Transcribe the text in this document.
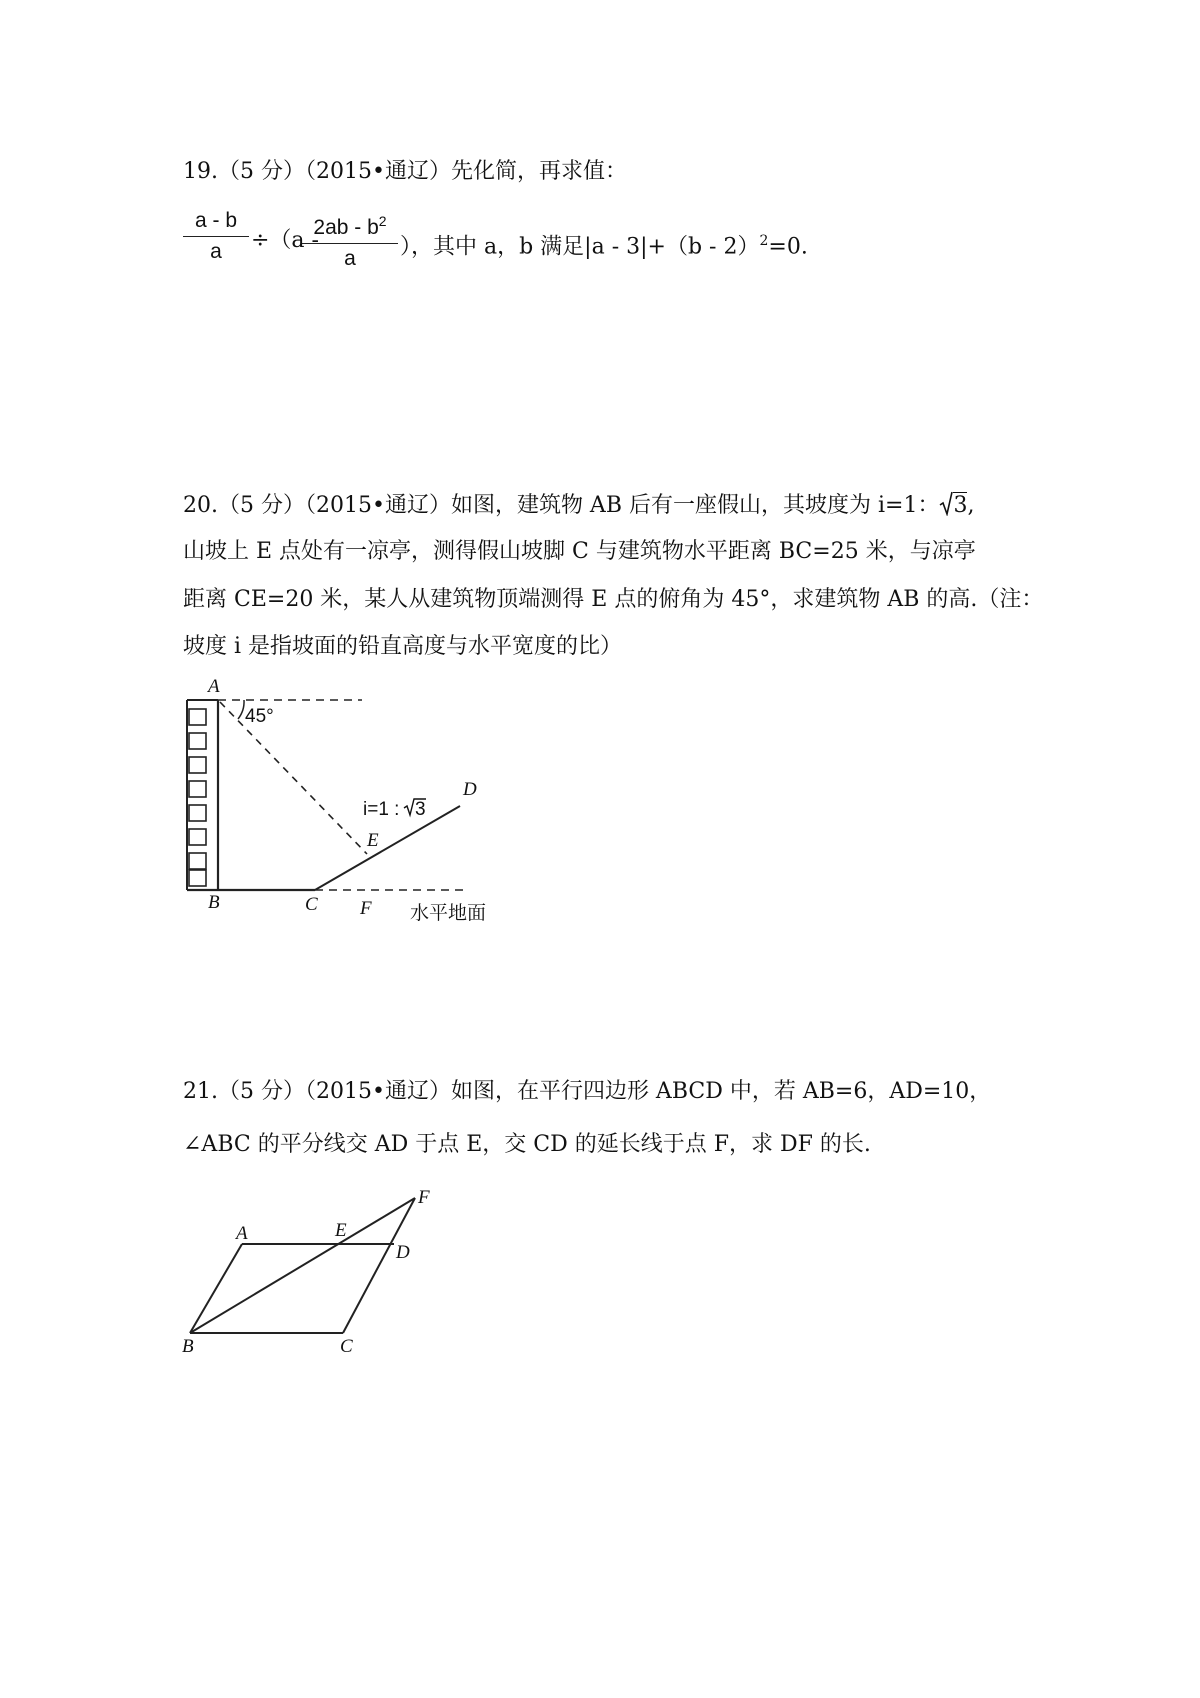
19.（5 分）（2015•通辽）先化简，再求值：
a - b
a	÷（a -
$2ab - b^2$
a	），其中 a，b 满足|a - 3|+（b - 2）$^2$=0.
20.（5 分）（2015•通辽）如图，建筑物 AB 后有一座假山，其坡度为 i=1： 3,
山坡上 E 点处有一凉亭，测得假山坡脚 C 与建筑物水平距离 BC=25 米，与凉亭
距离 CE=20 米，某人从建筑物顶端测得 E 点的俯角为 45°，求建筑物 AB 的高.（注：
坡度 i 是指坡面的铅直高度与水平宽度的比）
A
B	C
D
E
F
45°
i=1 : 3
水平地面
A
B	C
D
E
F
21.（5 分）（2015•通辽）如图，在平行四边形 ABCD 中，若 AB=6，AD=10，
∠ABC 的平分线交 AD 于点 E，交 CD 的延长线于点 F，求 DF 的长.
